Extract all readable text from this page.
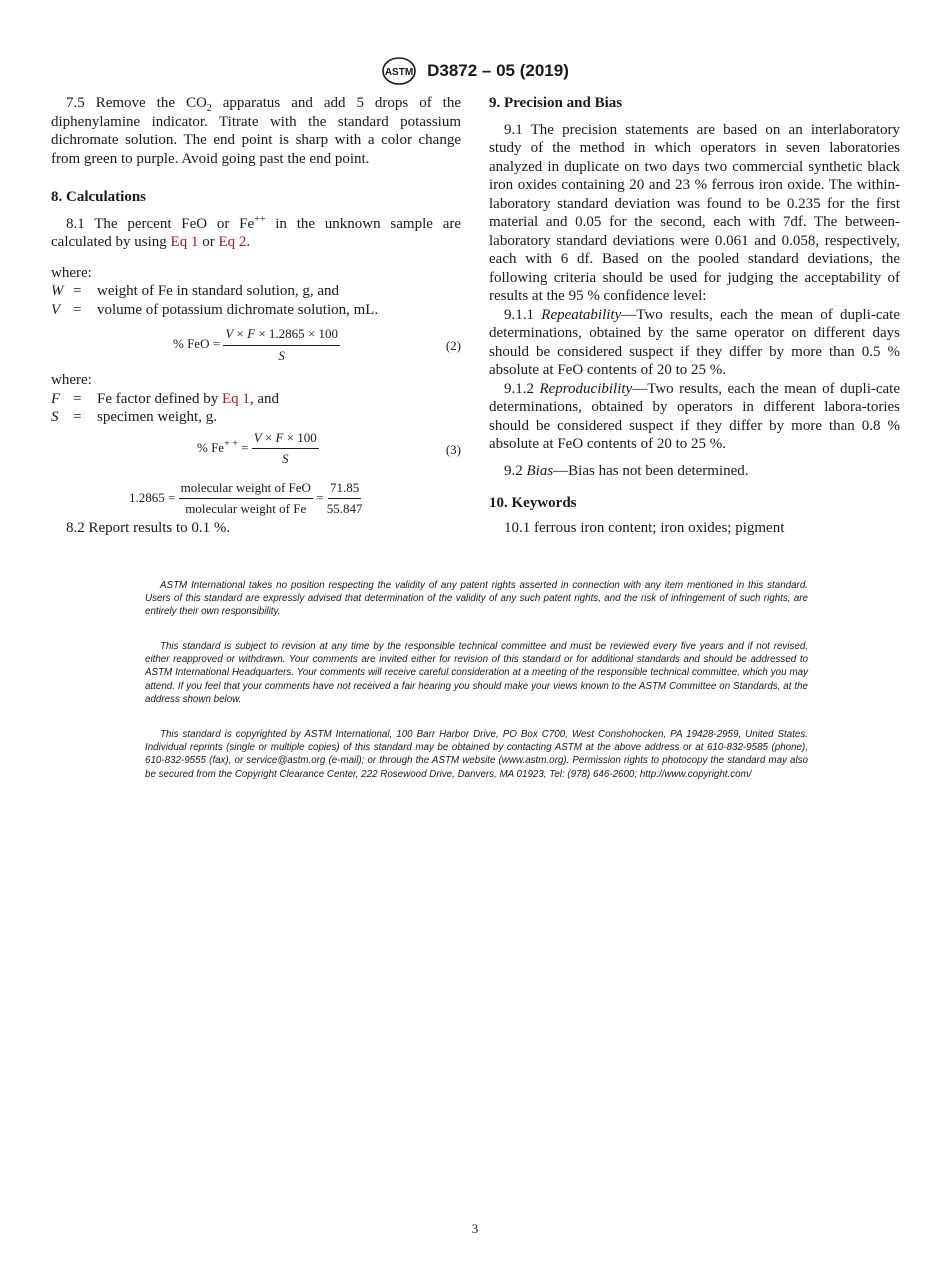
ASTM D3872 – 05 (2019)

7.5 Remove the $CO_2$ apparatus and add 5 drops of the diphenylamine indicator. Titrate with the standard potassium dichromate solution. The end point is sharp with a color change from green to purple. Avoid going past the end point.

8. Calculations

8.1 The percent FeO or Fe++ in the unknown sample are calculated by using Eq 1 or Eq 2.

where:

W =	weight of Fe in standard solution, g, and
V =	volume of potassium dichromate solution, mL.
% FeO = $\frac{V \times F \times 1.2865 \times 100}{S}$	(2)

where:

F =	Fe factor defined by Eq 1, and
S =	specimen weight, g.
% $Fe^{+ +} = \frac{V \times F \times 100}{S}$	(3)
$1.2865 = \frac{\text{molecular weight of FeO}}{\text{molecular weight of Fe}} = \frac{71.85}{55.847}$

8.2 Report results to 0.1 %.

9. Precision and Bias

9.1 The precision statements are based on an interlaboratory study of the method in which operators in seven laboratories analyzed in duplicate on two days two commercial synthetic black iron oxides containing 20 and 23 % ferrous iron oxide. The within-laboratory standard deviation was found to be 0.235 for the first material and 0.05 for the second, each with 7df. The between-laboratory standard deviations were 0.061 and 0.058, respectively, each with 6 df. Based on the pooled standard deviations, the following criteria should be used for judging the acceptability of results at the 95 % confidence level:

9.1.1 Repeatability—Two results, each the mean of dupli-cate determinations, obtained by the same operator on different days should be considered suspect if they differ by more than 0.5 % absolute at FeO contents of 20 to 25 %.

9.1.2 Reproducibility—Two results, each the mean of dupli-cate determinations, obtained by operators in different labora-tories should be considered suspect if they differ by more than 0.8 % absolute at FeO contents of 20 to 25 %.

9.2 Bias—Bias has not been determined.

10. Keywords

10.1 ferrous iron content; iron oxides; pigment

ASTM International takes no position respecting the validity of any patent rights asserted in connection with any item mentioned in this standard. Users of this standard are expressly advised that determination of the validity of any such patent rights, and the risk of infringement of such rights, are entirely their own responsibility.

This standard is subject to revision at any time by the responsible technical committee and must be reviewed every five years and if not revised, either reapproved or withdrawn. Your comments are invited either for revision of this standard or for additional standards and should be addressed to ASTM International Headquarters. Your comments will receive careful consideration at a meeting of the responsible technical committee, which you may attend. If you feel that your comments have not received a fair hearing you should make your views known to the ASTM Committee on Standards, at the address shown below.

This standard is copyrighted by ASTM International, 100 Barr Harbor Drive, PO Box C700, West Conshohocken, PA 19428-2959, United States. Individual reprints (single or multiple copies) of this standard may be obtained by contacting ASTM at the above address or at 610-832-9585 (phone), 610-832-9555 (fax), or service@astm.org (e-mail); or through the ASTM website (www.astm.org). Permission rights to photocopy the standard may also be secured from the Copyright Clearance Center, 222 Rosewood Drive, Danvers, MA 01923, Tel: (978) 646-2600; http://www.copyright.com/

3
